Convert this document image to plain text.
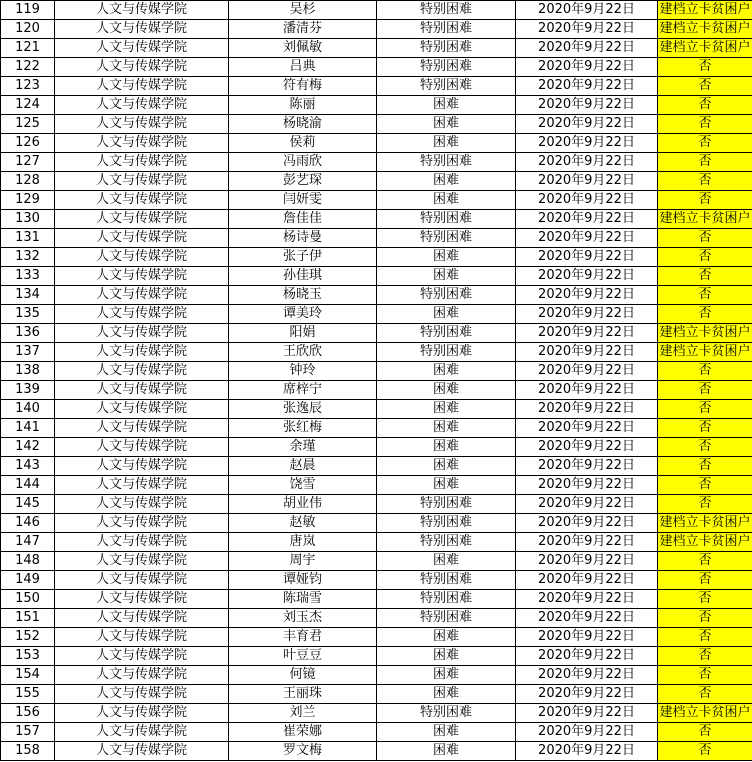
119	人文与传媒学院	吴杉	特别困难	2020年9月22日	建档立卡贫困户
120	人文与传媒学院	潘清芬	特别困难	2020年9月22日	建档立卡贫困户
121	人文与传媒学院	刘佩敏	特别困难	2020年9月22日	建档立卡贫困户
122	人文与传媒学院	吕典	特别困难	2020年9月22日	否
123	人文与传媒学院	符有梅	特别困难	2020年9月22日	否
124	人文与传媒学院	陈丽	困难	2020年9月22日	否
125	人文与传媒学院	杨晓渝	困难	2020年9月22日	否
126	人文与传媒学院	侯莉	困难	2020年9月22日	否
127	人文与传媒学院	冯雨欣	特别困难	2020年9月22日	否
128	人文与传媒学院	彭艺琛	困难	2020年9月22日	否
129	人文与传媒学院	闫妍雯	困难	2020年9月22日	否
130	人文与传媒学院	詹佳佳	特别困难	2020年9月22日	建档立卡贫困户
131	人文与传媒学院	杨诗曼	特别困难	2020年9月22日	否
132	人文与传媒学院	张子伊	困难	2020年9月22日	否
133	人文与传媒学院	孙佳琪	困难	2020年9月22日	否
134	人文与传媒学院	杨晓玉	特别困难	2020年9月22日	否
135	人文与传媒学院	谭美玲	困难	2020年9月22日	否
136	人文与传媒学院	阳娟	特别困难	2020年9月22日	建档立卡贫困户
137	人文与传媒学院	王欣欣	特别困难	2020年9月22日	建档立卡贫困户
138	人文与传媒学院	钟玲	困难	2020年9月22日	否
139	人文与传媒学院	席梓宁	困难	2020年9月22日	否
140	人文与传媒学院	张逸辰	困难	2020年9月22日	否
141	人文与传媒学院	张红梅	困难	2020年9月22日	否
142	人文与传媒学院	余瑾	困难	2020年9月22日	否
143	人文与传媒学院	赵晨	困难	2020年9月22日	否
144	人文与传媒学院	饶雪	困难	2020年9月22日	否
145	人文与传媒学院	胡业伟	特别困难	2020年9月22日	否
146	人文与传媒学院	赵敏	特别困难	2020年9月22日	建档立卡贫困户
147	人文与传媒学院	唐岚	特别困难	2020年9月22日	建档立卡贫困户
148	人文与传媒学院	周宇	困难	2020年9月22日	否
149	人文与传媒学院	谭娅钧	特别困难	2020年9月22日	否
150	人文与传媒学院	陈瑞雪	特别困难	2020年9月22日	否
151	人文与传媒学院	刘玉杰	特别困难	2020年9月22日	否
152	人文与传媒学院	丰育君	困难	2020年9月22日	否
153	人文与传媒学院	叶豆豆	困难	2020年9月22日	否
154	人文与传媒学院	何镜	困难	2020年9月22日	否
155	人文与传媒学院	王丽珠	困难	2020年9月22日	否
156	人文与传媒学院	刘兰	特别困难	2020年9月22日	建档立卡贫困户
157	人文与传媒学院	崔荣娜	困难	2020年9月22日	否
158	人文与传媒学院	罗文梅	困难	2020年9月22日	否
